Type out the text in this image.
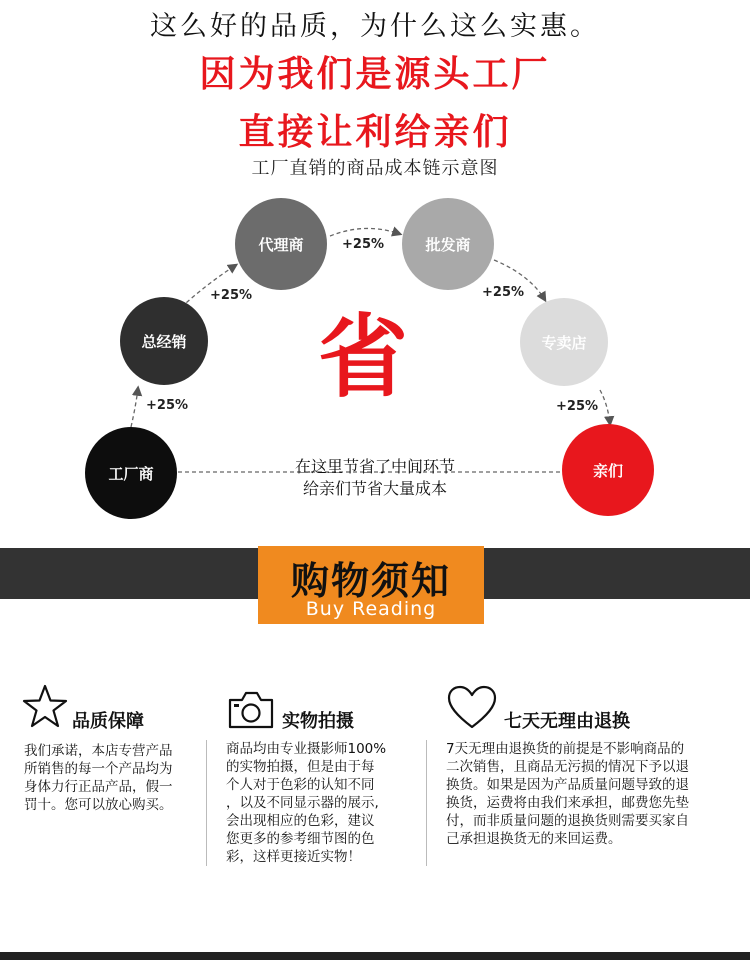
这么好的品质，为什么这么实惠。
因为我们是源头工厂
直接让利给亲们
工厂直销的商品成本链示意图
工厂商
总经销
代理商	批发商
专卖店
亲们
+25%
+25%
+25%
+25%
+25%
省
在这里节省了中间环节
给亲们节省大量成本
购物须知
Buy Reading
品质保障
我们承诺，本店专营产品
所销售的每一个产品均为
身体力行正品产品，假一
罚十。您可以放心购买。
实物拍摄
商品均由专业摄影师100%
的实物拍摄，但是由于每
个人对于色彩的认知不同
，以及不同显示器的展示,
会出现相应的色彩，建议
您更多的参考细节图的色
彩，这样更接近实物！
七天无理由退换
7天无理由退换货的前提是不影响商品的
二次销售，且商品无污损的情况下予以退
换货。如果是因为产品质量问题导致的退
换货，运费将由我们来承担，邮费您先垫
付，而非质量问题的退换货则需要买家自
己承担退换货无的来回运费。
